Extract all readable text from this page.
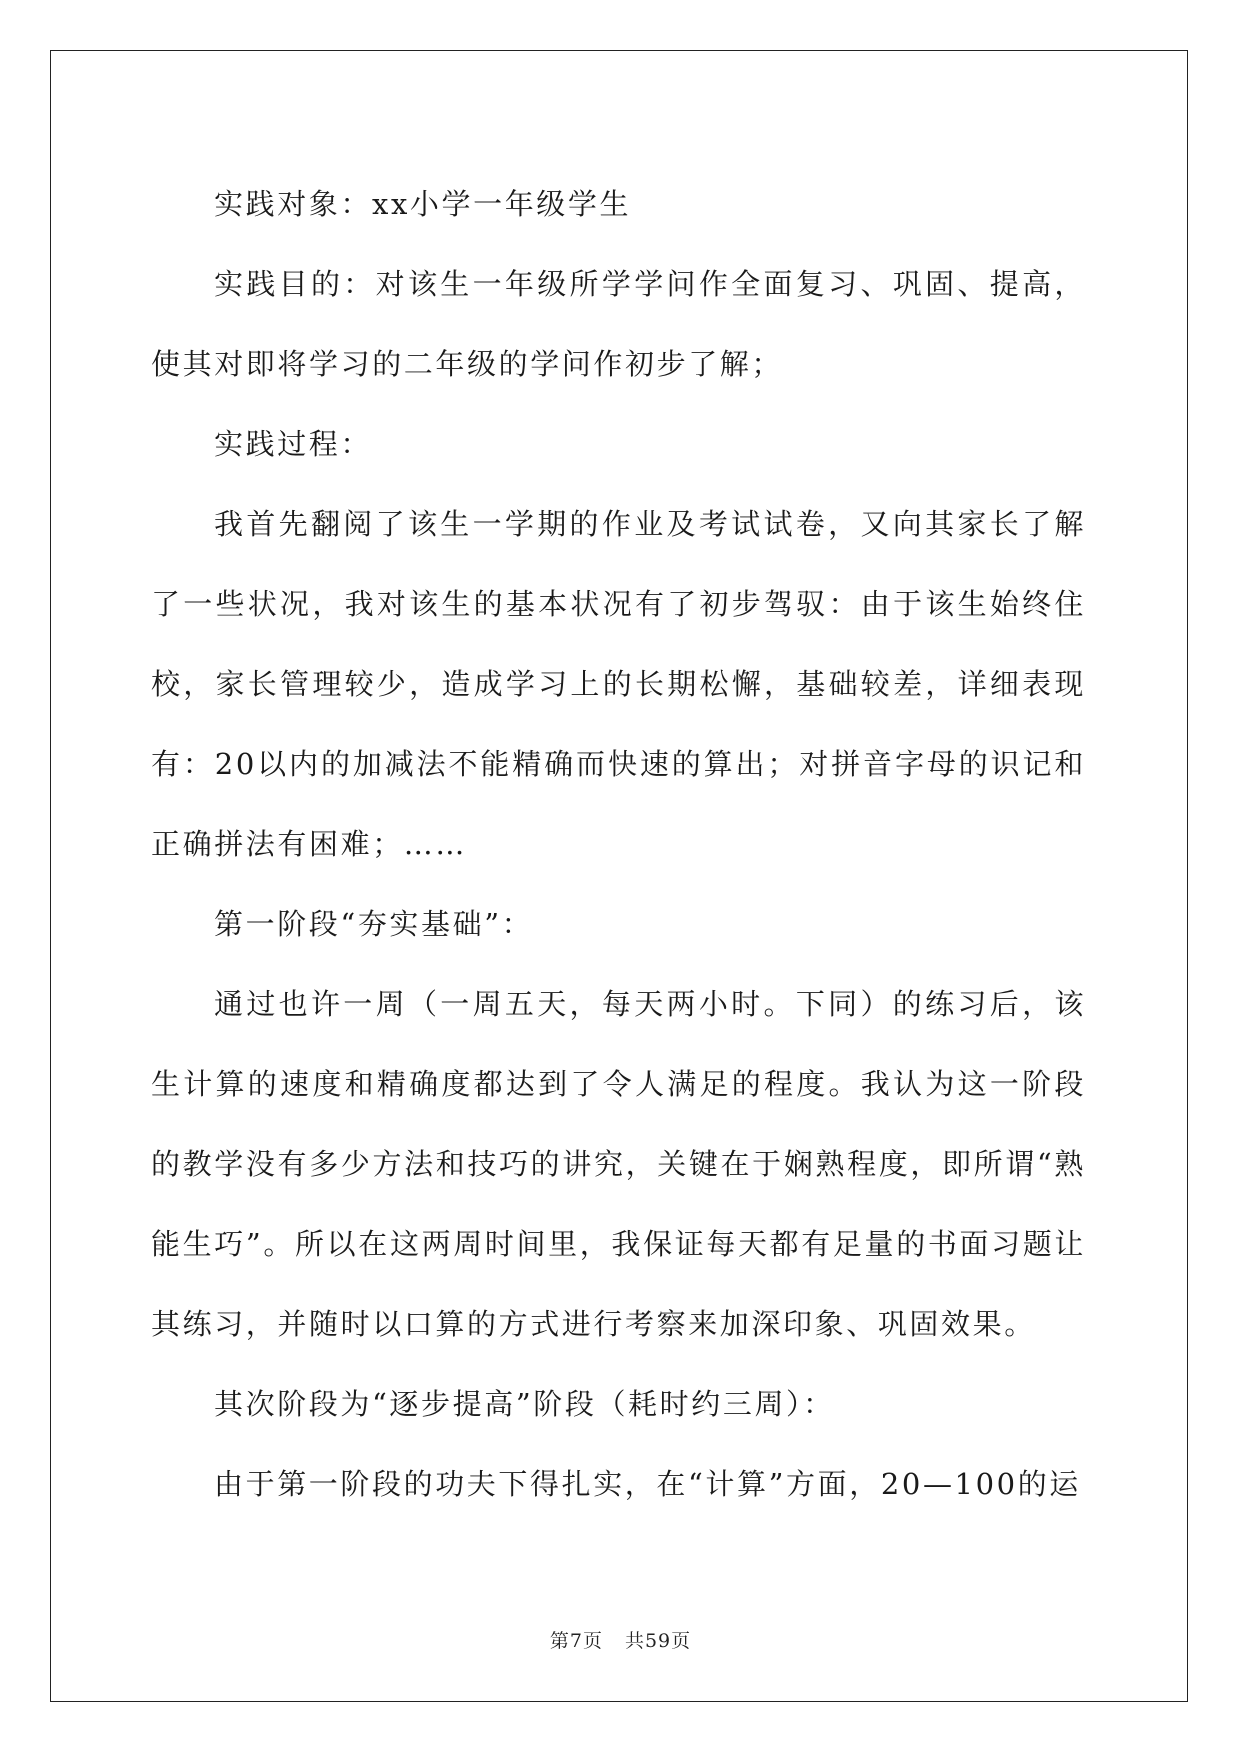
实践对象：xx小学一年级学生

实践目的：对该生一年级所学学问作全面复习、巩固、提高，使其对即将学习的二年级的学问作初步了解；

实践过程：

我首先翻阅了该生一学期的作业及考试试卷，又向其家长了解了一些状况，我对该生的基本状况有了初步驾驭：由于该生始终住校，家长管理较少，造成学习上的长期松懈，基础较差，详细表现有：20以内的加减法不能精确而快速的算出；对拼音字母的识记和正确拼法有困难；……

第一阶段“夯实基础”：

通过也许一周（一周五天，每天两小时。下同）的练习后，该生计算的速度和精确度都达到了令人满足的程度。我认为这一阶段的教学没有多少方法和技巧的讲究，关键在于娴熟程度，即所谓“熟能生巧”。所以在这两周时间里，我保证每天都有足量的书面习题让其练习，并随时以口算的方式进行考察来加深印象、巩固效果。

其次阶段为“逐步提高”阶段（耗时约三周）：

由于第一阶段的功夫下得扎实，在“计算”方面，20—100的运

第7页 共59页
